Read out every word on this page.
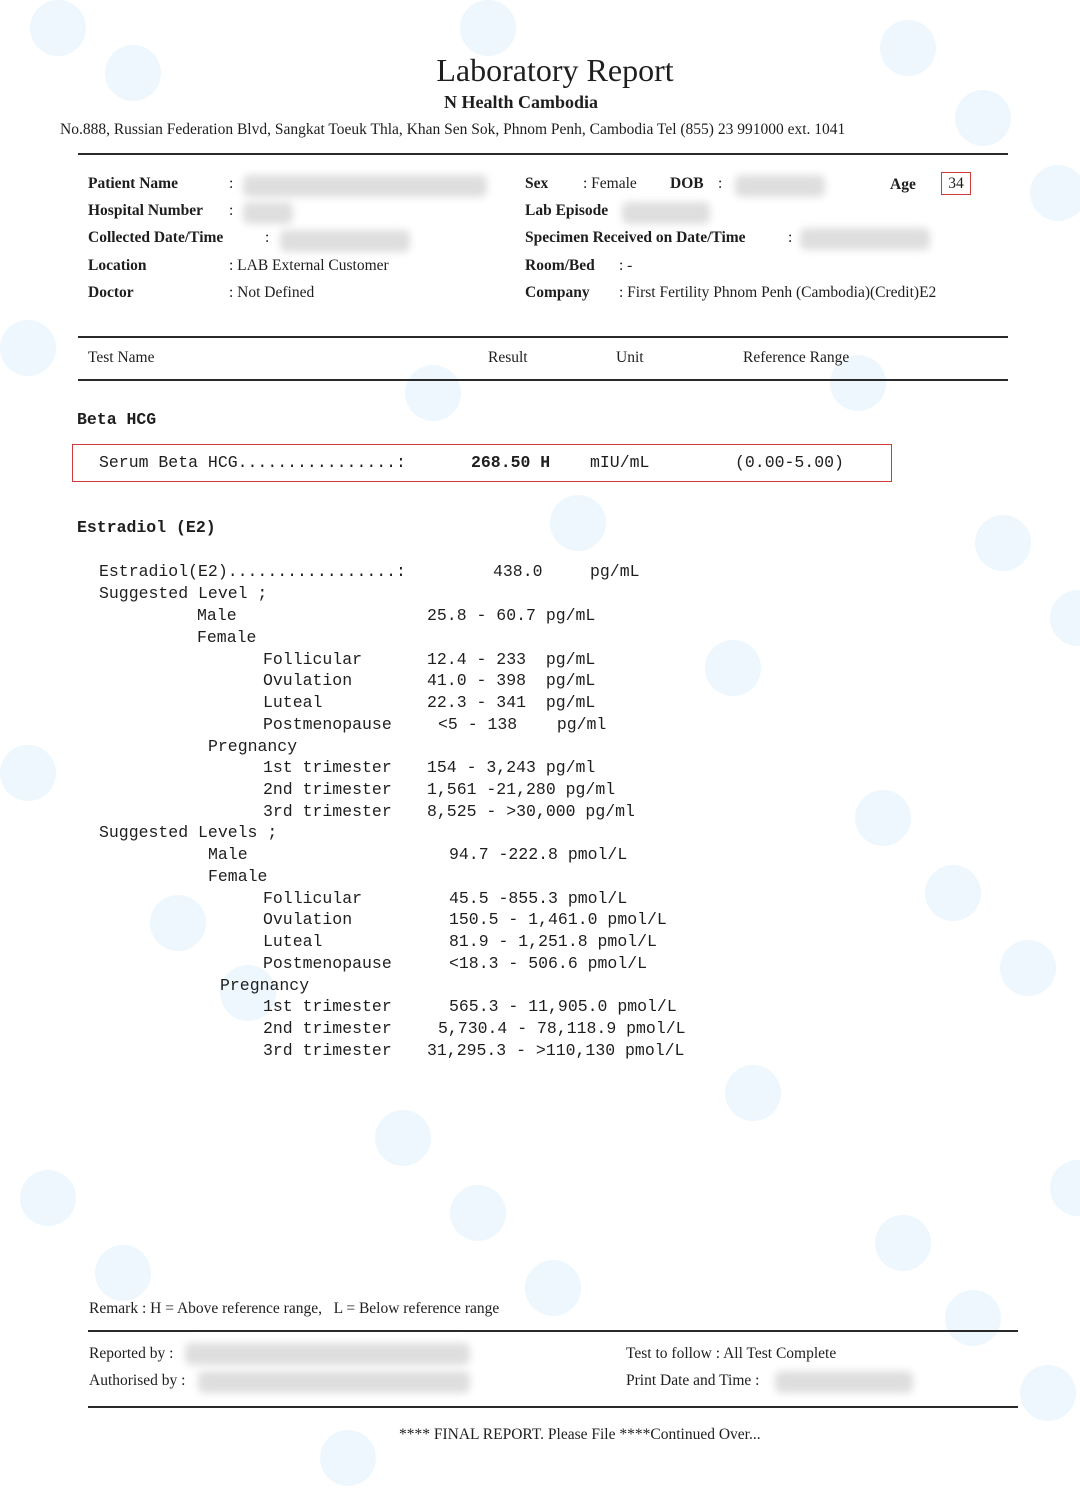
Laboratory Report
N Health Cambodia
No.888, Russian Federation Blvd, Sangkat Toeuk Thla, Khan Sen Sok, Phnom Penh, Cambodia Tel (855) 23 991000 ext. 1041
Patient Name	:
Hospital Number :
Collected Date/Time	:
Location	: LAB External Customer
Doctor	: Not Defined
Sex : Female DOB :	Age	34
Lab Episode
Specimen Received on Date/Time	:
Room/Bed : -
Company : First Fertility Phnom Penh (Cambodia)(Credit)E2
Test Name	Result	Unit	Reference Range
Beta HCG
Serum Beta HCG................:	268.50 H mIU/mL	(0.00-5.00)
Estradiol (E2)
Estradiol(E2).................:	438.0	pg/mL
Suggested Level ;
Male	25.8 - 60.7 pg/mL
Female
Follicular	12.4 - 233  pg/mL
Ovulation	41.0 - 398  pg/mL
Luteal	22.3 - 341  pg/mL
Postmenopause	<5 - 138    pg/ml
Pregnancy
1st trimester 154 - 3,243 pg/ml
2nd trimester 1,561 -21,280 pg/ml
3rd trimester 8,525 - >30,000 pg/ml
Suggested Levels ;
Male	94.7 -222.8 pmol/L
Female
Follicular	45.5 -855.3 pmol/L
Ovulation	150.5 - 1,461.0 pmol/L
Luteal	81.9 - 1,251.8 pmol/L
Postmenopause	<18.3 - 506.6 pmol/L
Pregnancy
1st trimester	565.3 - 11,905.0 pmol/L
2nd trimester	5,730.4 - 78,118.9 pmol/L
3rd trimester 31,295.3 - >110,130 pmol/L
Remark : H = Above reference range,   L = Below reference range
Reported by :
Authorised by :
Test to follow : All Test Complete
Print Date and Time :
**** FINAL REPORT. Please File ****Continued Over...
